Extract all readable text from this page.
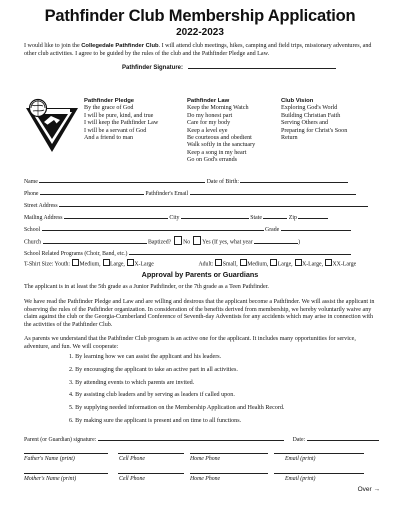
Pathfinder Club Membership Application
2022-2023
I would like to join the Collegedale Pathfinder Club. I will attend club meetings, hikes, camping and field trips, missionary adventures, and other club activities. I agree to be guided by the rules of the club and the Pathfinder Pledge and Law.
Pathfinder Signature:
Pathfinder Pledge
By the grace of God
I will be pure, kind, and true
I will keep the Pathfinder Law
I will be a servant of God
And a friend to man
Pathfinder Law
Keep the Morning Watch
Do my honest part
Care for my body
Keep a level eye
Be courteous and obedient
Walk softly in the sanctuary
Keep a song in my heart
Go on God's errands
Club Vision
Exploring God's World
Building Christian Faith
Serving Others and
Preparing for Christ's Soon
Return
Name	Date of Birth:
Phone	Pathfinder's Email
Street Address
Mailing Address	City	State	Zip
School	Grade
Church	Baptized? No Yes (If yes, what year	)
School Related Programs (Choir, Band, etc.)
T-Shirt Size: Youth: Medium, Large, X-Large	Adult: Small, Medium, Large, X-Large, XX-Large
Approval by Parents or Guardians
The applicant is in at least the 5th grade as a Junior Pathfinder, or the 7th grade as a Teen Pathfinder.
We have read the Pathfinder Pledge and Law and are willing and desirous that the applicant become a Pathfinder. We will assist the applicant in observing the rules of the Pathfinder organization. In consideration of the benefits derived from membership, we hereby voluntarily waive any claim against the club or the Georgia-Cumberland Conference of Seventh-day Adventists for any accidents which may arise in connection with the activities of the Pathfinder Club.
As parents we understand that the Pathfinder Club program is an active one for the applicant. It includes many opportunities for service, adventure, and fun. We will cooperate:
1. By learning how we can assist the applicant and his leaders.
2. By encouraging the applicant to take an active part in all activities.
3. By attending events to which parents are invited.
4. By assisting club leaders and by serving as leaders if called upon.
5. By supplying needed information on the Membership Application and Health Record.
6. By making sure the applicant is present and on time to all functions.
Parent (or Guardian) signature:	Date:
Father's Name (print)	Cell Phone	Home Phone	Email (print)
Mother's Name (print)	Cell Phone	Home Phone	Email (print)
Over →
